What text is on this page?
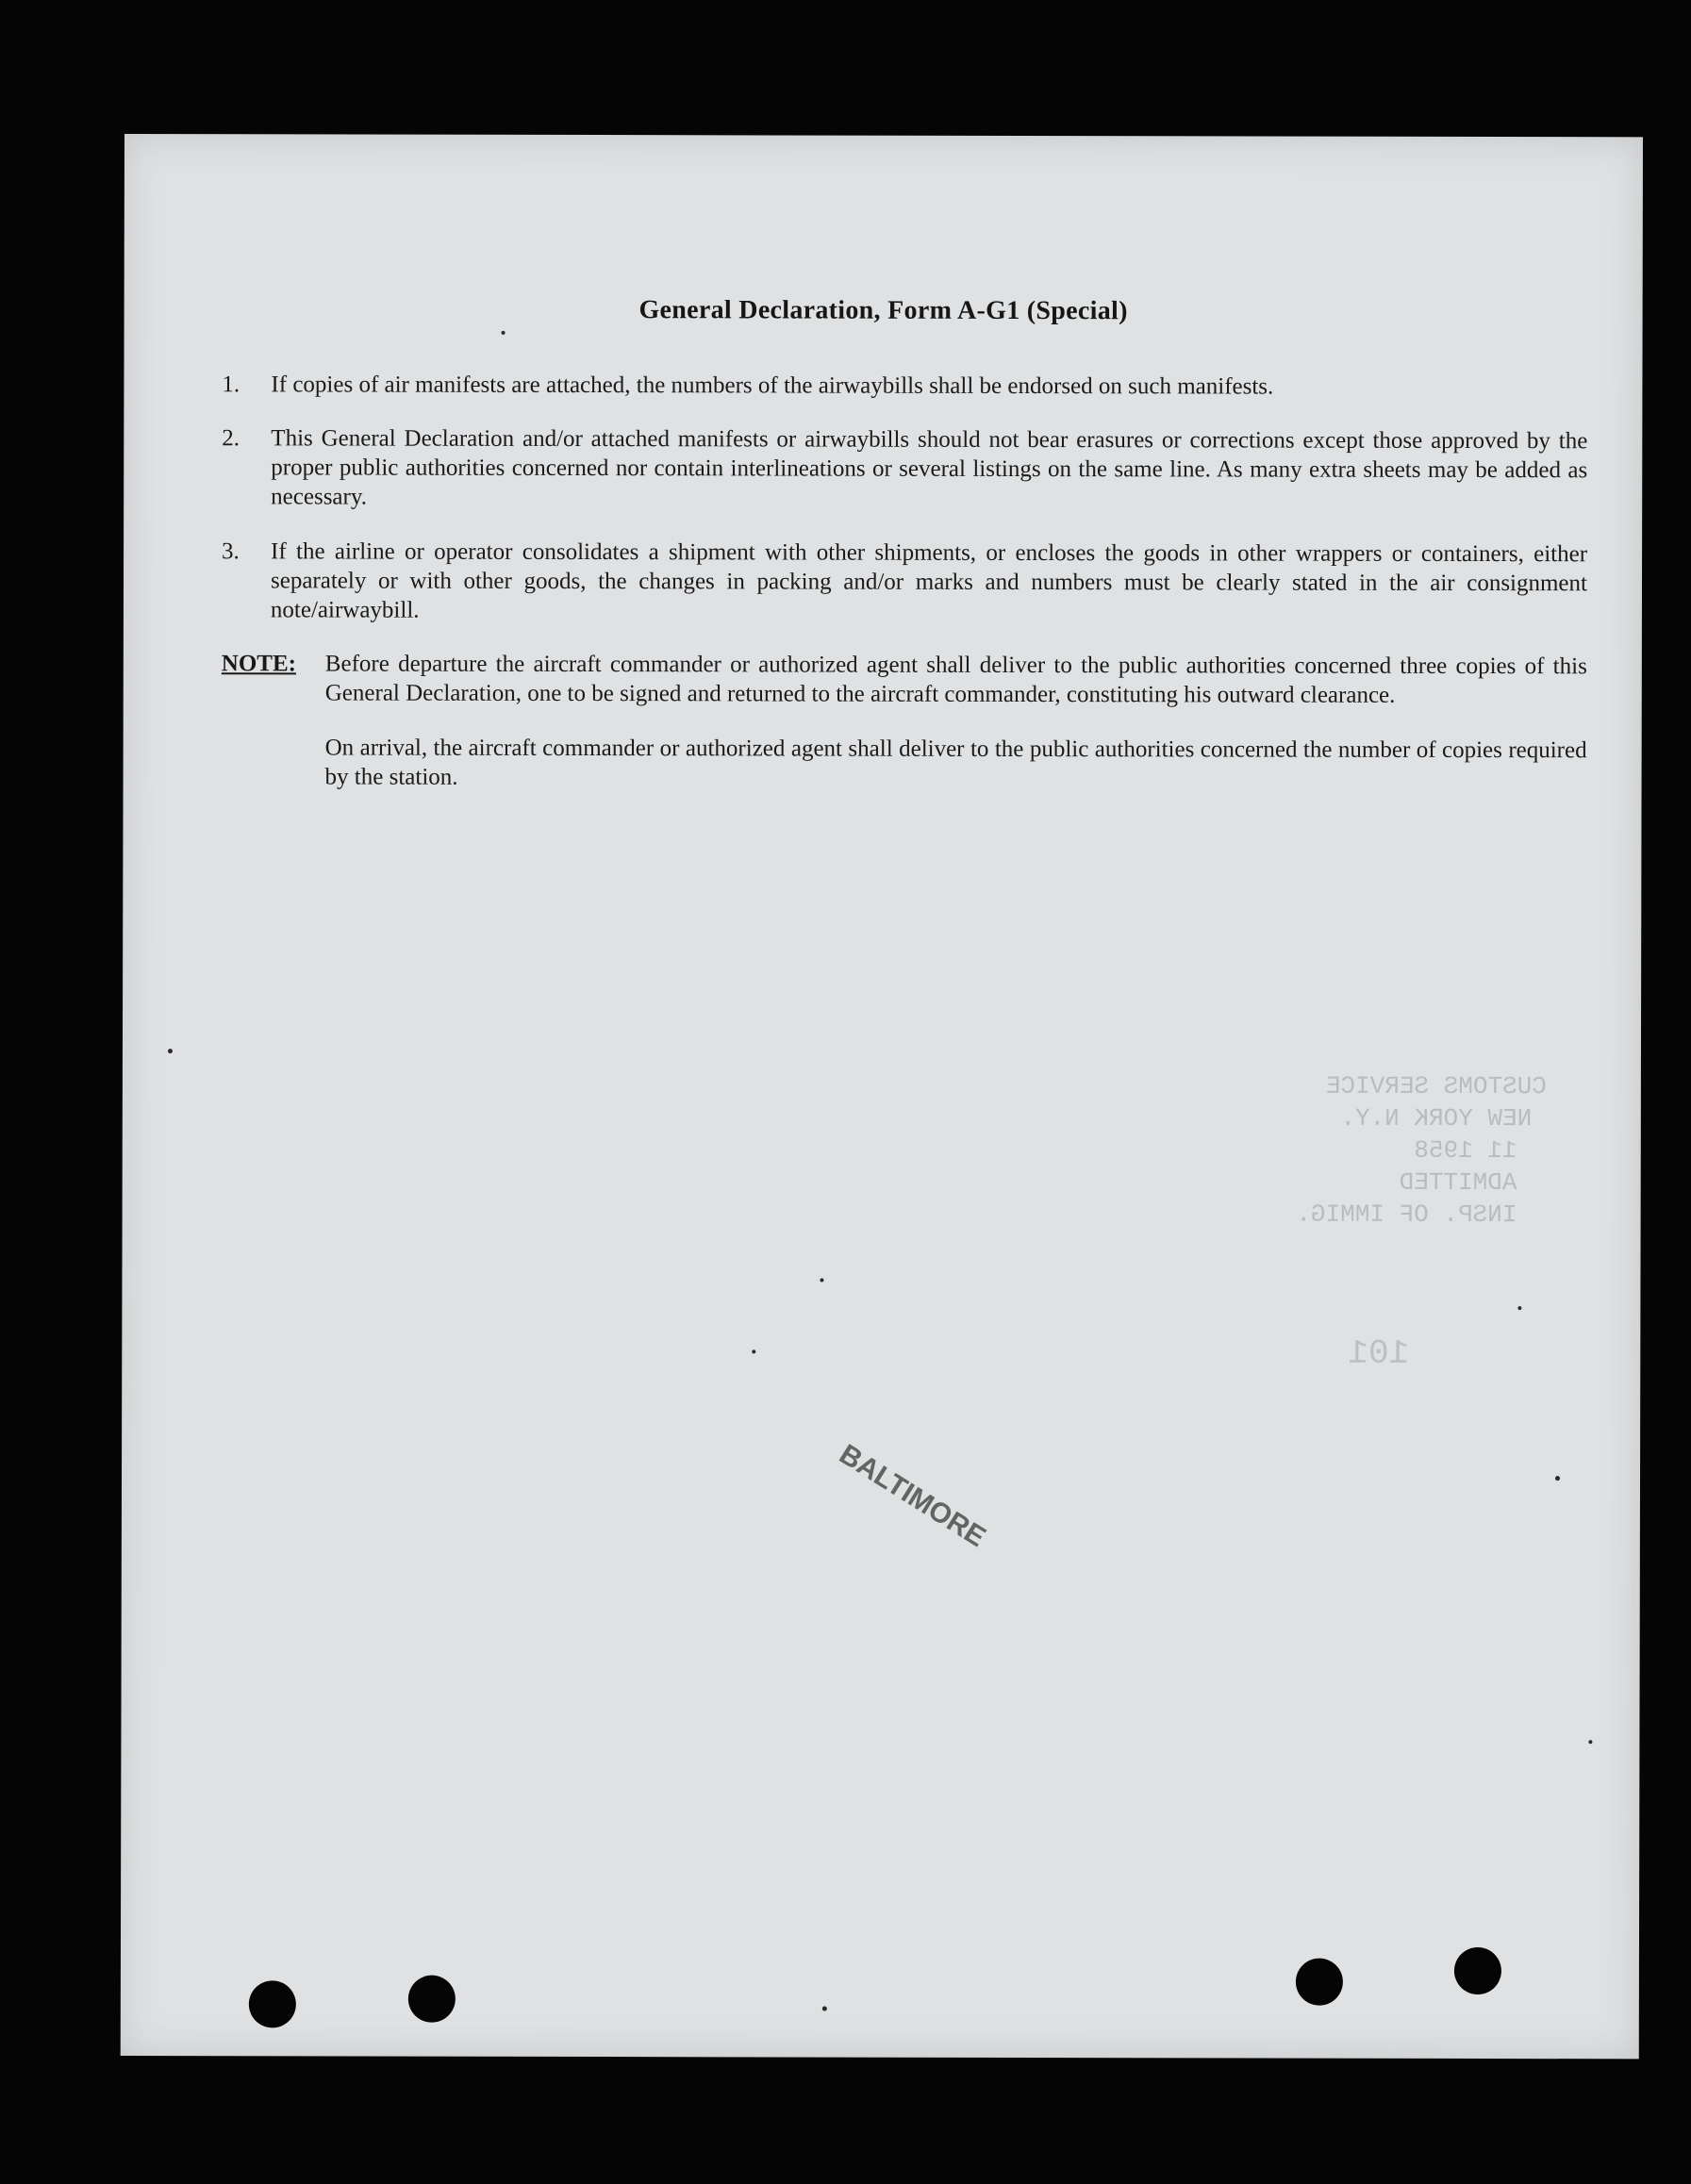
General Declaration, Form A-G1 (Special)
1. If copies of air manifests are attached, the numbers of the airwaybills shall be endorsed on such manifests.
2. This General Declaration and/or attached manifests or airwaybills should not bear erasures or corrections except those approved by the proper public authorities concerned nor contain interlineations or several listings on the same line. As many extra sheets may be added as necessary.
3. If the airline or operator consolidates a shipment with other shipments, or encloses the goods in other wrappers or containers, either separately or with other goods, the changes in packing and/or marks and numbers must be clearly stated in the air consignment note/airwaybill.
NOTE: Before departure the aircraft commander or authorized agent shall deliver to the public authorities concerned three copies of this General Declaration, one to be signed and returned to the aircraft commander, constituting his outward clearance.
On arrival, the aircraft commander or authorized agent shall deliver to the public authorities concerned the number of copies required by the station.
CUSTOMS SERVICE
NEW YORK N.Y.
11 1958
ADMITTED
INSP. OF IMMIG.
101
BALTIMORE
